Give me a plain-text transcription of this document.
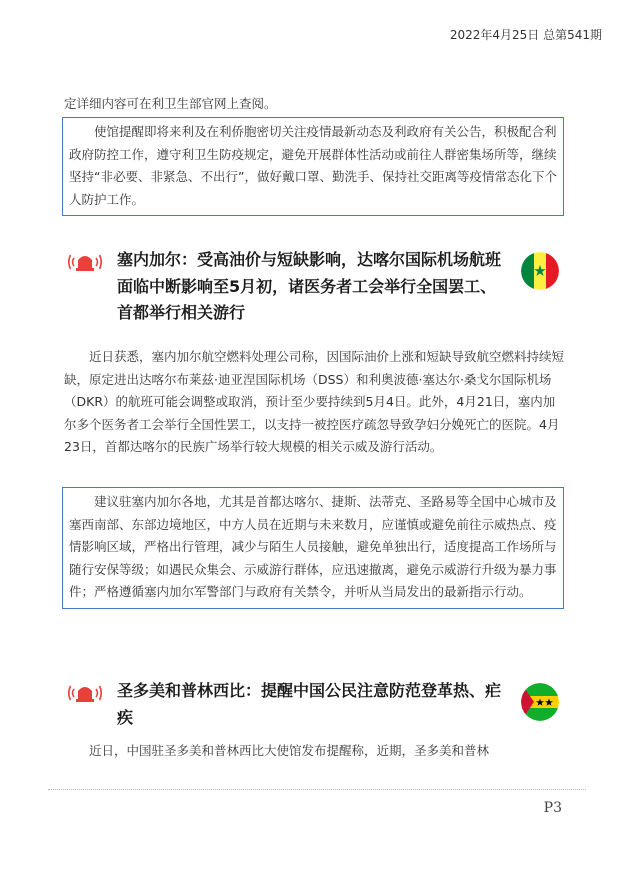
2022年4月25日 总第541期

定详细内容可在利卫生部官网上查阅。

使馆提醒即将来利及在利侨胞密切关注疫情最新动态及利政府有关公告，积极配合利政府防控工作，遵守利卫生防疫规定，避免开展群体性活动或前往人群密集场所等，继续坚持“非必要、非紧急、不出行”，做好戴口罩、勤洗手、保持社交距离等疫情常态化下个人防护工作。

塞内加尔：受高油价与短缺影响，达喀尔国际机场航班面临中断影响至5月初，诸医务者工会举行全国罢工、首都举行相关游行

近日获悉，塞内加尔航空燃料处理公司称，因国际油价上涨和短缺导致航空燃料持续短缺，原定进出达喀尔布莱兹·迪亚涅国际机场（DSS）和利奥波德·塞达尔·桑戈尔国际机场（DKR）的航班可能会调整或取消，预计至少要持续到5月4日。此外，4月21日，塞内加尔多个医务者工会举行全国性罢工，以支持一被控医疗疏忽导致孕妇分娩死亡的医院。4月23日，首都达喀尔的民族广场举行较大规模的相关示威及游行活动。

建议驻塞内加尔各地，尤其是首都达喀尔、捷斯、法蒂克、圣路易等全国中心城市及塞西南部、东部边境地区，中方人员在近期与未来数月，应谨慎或避免前往示威热点、疫情影响区域，严格出行管理，减少与陌生人员接触，避免单独出行，适度提高工作场所与随行安保等级；如遇民众集会、示威游行群体，应迅速撤离，避免示威游行升级为暴力事件；严格遵循塞内加尔军警部门与政府有关禁令，并听从当局发出的最新指示行动。

圣多美和普林西比：提醒中国公民注意防范登革热、疟疾

近日，中国驻圣多美和普林西比大使馆发布提醒称，近期，圣多美和普林

P3
